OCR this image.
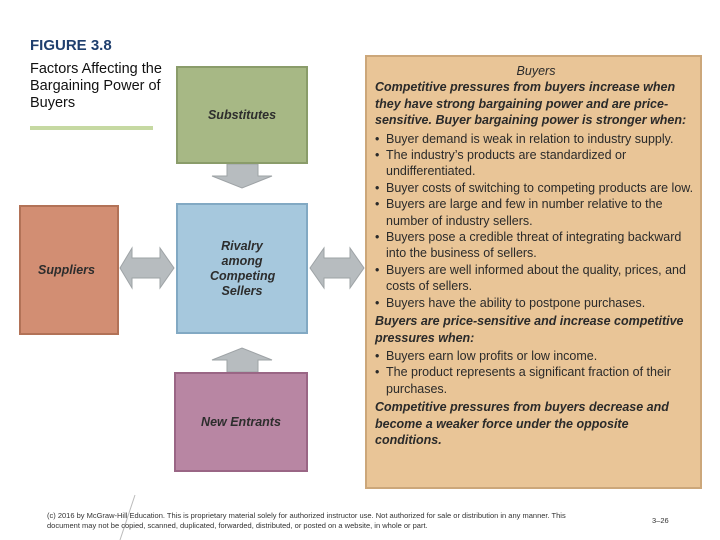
FIGURE 3.8
Factors Affecting the Bargaining Power of Buyers
Substitutes
Suppliers
Rivalry among Competing Sellers
New Entrants
Buyers
Competitive pressures from buyers increase when they have strong bargaining power and are price-sensitive. Buyer bargaining power is stronger when:
• Buyer demand is weak in relation to industry supply.
• The industry’s products are standardized or undifferentiated.
• Buyer costs of switching to competing products are low.
• Buyers are large and few in number relative to the number of industry sellers.
• Buyers pose a credible threat of integrating backward into the business of sellers.
• Buyers are well informed about the quality, prices, and costs of sellers.
• Buyers have the ability to postpone purchases.
Buyers are price-sensitive and increase competitive pressures when:
• Buyers earn low profits or low income.
• The product represents a significant fraction of their purchases.
Competitive pressures from buyers decrease and become a weaker force under the opposite conditions.
(c) 2016 by McGraw-Hill Education. This is proprietary material solely for authorized instructor use. Not authorized for sale or distribution in any manner. This document may not be copied, scanned, duplicated, forwarded, distributed, or posted on a website, in whole or part.
3–26
